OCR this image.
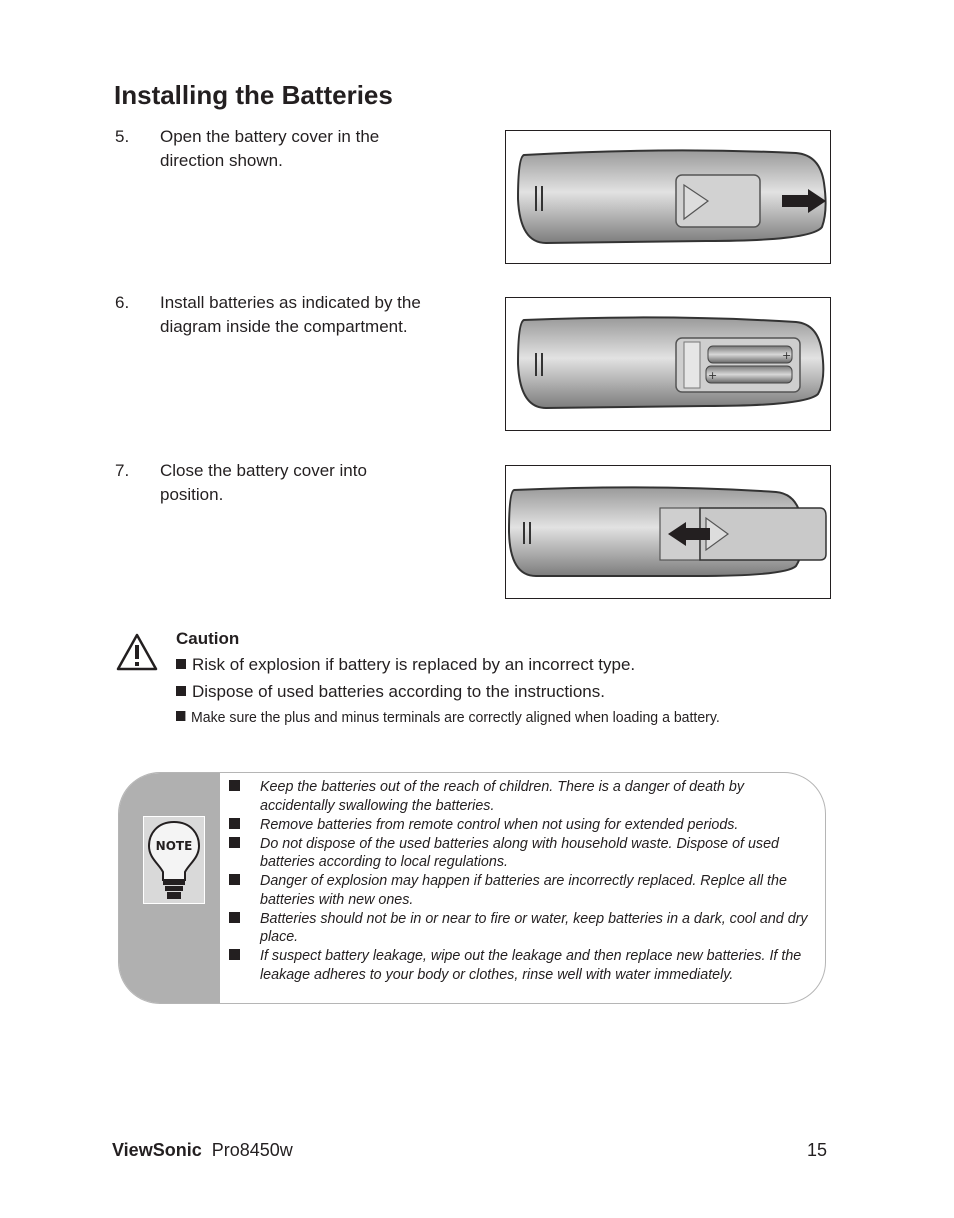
Installing the Batteries
5. Open the battery cover in the direction shown.
6. Install batteries as indicated by the diagram inside the compartment.
+
+
7. Close the battery cover into position.
Caution
Risk of explosion if battery is replaced by an incorrect type.
Dispose of used batteries according to the instructions.
Make sure the plus and minus terminals are correctly aligned when loading a battery.
NOTE
Keep the batteries out of the reach of children. There is a danger of death by accidentally swallowing the batteries.
Remove batteries from remote control when not using for extended periods.
Do not dispose of the used batteries along with household waste. Dispose of used batteries according to local regulations.
Danger of explosion may happen if batteries are incorrectly replaced. Replce all the batteries with new ones.
Batteries should not be in or near to fire or water, keep batteries in a dark, cool and dry place.
If suspect battery leakage, wipe out the leakage and then replace new batteries. If the leakage adheres to your body or clothes, rinse well with water immediately.
ViewSonic Pro8450w	15
